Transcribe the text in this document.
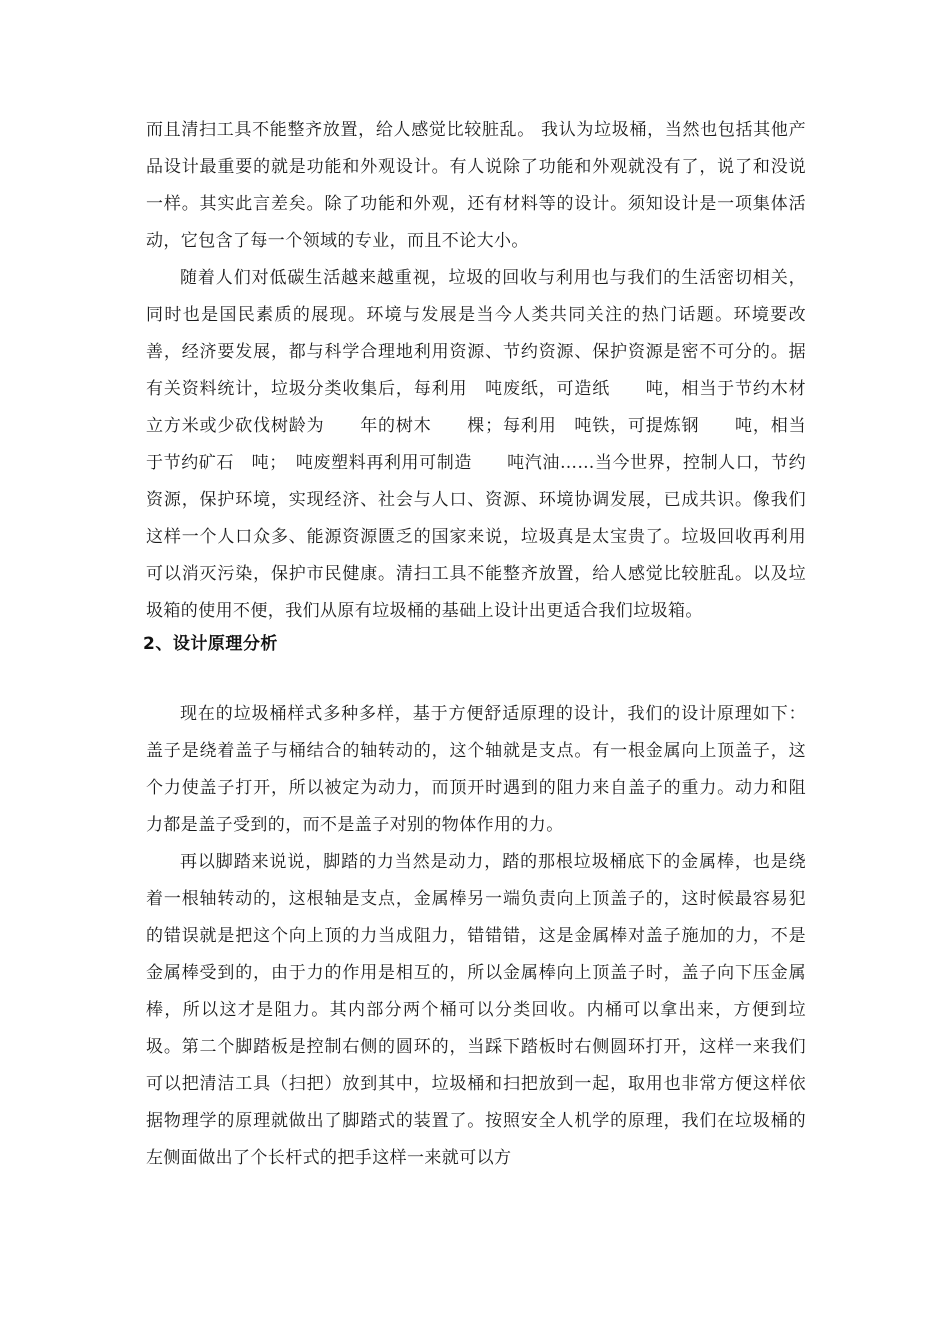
而且清扫工具不能整齐放置，给人感觉比较脏乱。 我认为垃圾桶，当然也包括其他产品设计最重要的就是功能和外观设计。有人说除了功能和外观就没有了，说了和没说一样。其实此言差矣。除了功能和外观，还有材料等的设计。须知设计是一项集体活动，它包含了每一个领域的专业，而且不论大小。

随着人们对低碳生活越来越重视，垃圾的回收与利用也与我们的生活密切相关，同时也是国民素质的展现。环境与发展是当今人类共同关注的热门话题。环境要改善，经济要发展，都与科学合理地利用资源、节约资源、保护资源是密不可分的。据有关资料统计，垃圾分类收集后，每利用　吨废纸，可造纸　　吨，相当于节约木材　立方米或少砍伐树龄为　　年的树木　　棵；每利用　吨铁，可提炼钢　　吨，相当于节约矿石　吨；　吨废塑料再利用可制造　　吨汽油……当今世界，控制人口，节约资源，保护环境，实现经济、社会与人口、资源、环境协调发展，已成共识。像我们这样一个人口众多、能源资源匮乏的国家来说，垃圾真是太宝贵了。垃圾回收再利用可以消灭污染，保护市民健康。清扫工具不能整齐放置，给人感觉比较脏乱。以及垃圾箱的使用不便，我们从原有垃圾桶的基础上设计出更适合我们垃圾箱。

2、设计原理分析

现在的垃圾桶样式多种多样，基于方便舒适原理的设计，我们的设计原理如下：盖子是绕着盖子与桶结合的轴转动的，这个轴就是支点。有一根金属向上顶盖子，这个力使盖子打开，所以被定为动力，而顶开时遇到的阻力来自盖子的重力。动力和阻力都是盖子受到的，而不是盖子对别的物体作用的力。

再以脚踏来说说，脚踏的力当然是动力，踏的那根垃圾桶底下的金属棒，也是绕着一根轴转动的，这根轴是支点，金属棒另一端负责向上顶盖子的，这时候最容易犯的错误就是把这个向上顶的力当成阻力，错错错，这是金属棒对盖子施加的力，不是金属棒受到的，由于力的作用是相互的，所以金属棒向上顶盖子时，盖子向下压金属棒，所以这才是阻力。其内部分两个桶可以分类回收。内桶可以拿出来，方便到垃圾。第二个脚踏板是控制右侧的圆环的，当踩下踏板时右侧圆环打开，这样一来我们可以把清洁工具（扫把）放到其中，垃圾桶和扫把放到一起，取用也非常方便这样依据物理学的原理就做出了脚踏式的装置了。按照安全人机学的原理，我们在垃圾桶的左侧面做出了个长杆式的把手这样一来就可以方
